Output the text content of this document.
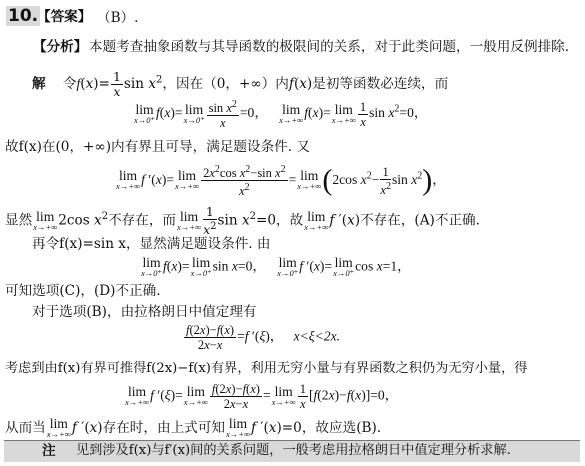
10.
【答案】 （B）.
【分析】 本题考查抽象函数与其导函数的极限间的关系，对于此类问题，一般用反例排除.
解 令$f(x)= \frac{1}{x}$ $\sin x^2$，因在（0，+∞）内f(x)是初等函数必连续，而
lim
x→0⁺ f(x)= lim
$x\to 0^+ \frac{\sin x^2}{x} =0$， lim
x→+∞ f(x)= lim
$x\to+\infty \frac{1}{x}$ $\sin x^2=0$，
故f(x)在(0，+∞)内有界且可导，满足题设条件. 又
lim
x→+∞ f ′(x)= lim
$x\to+\infty \frac{2x^2\cos x^2-\sin x^2}{x^2} = \lim$
x→+∞ (2cos $x^2- \frac{1}{x^2}$ $\sin x^2$)，
显然 lim
x→+∞ 2cos $x^2$不存在，而 lim
$x\to+\infty \frac{1}{x^2}$ $\sin x^2=0$，故 lim
x→+∞ f ′(x)不存在，(A)不正确.
再令f(x)=sin x，显然满足题设条件. 由
lim
x→0⁺ f(x)= lim
x→0⁺ sin x=0， lim
x→0⁺ f ′(x)= lim
x→0⁺ cos x=1，
可知选项(C)，(D)不正确.
对于选项(B)，由拉格朗日中值定理有
$\frac{f(2x)-f(x)}{2x-x} =f$ ′(ξ)，   x<ξ<2x.
考虑到由f(x)有界可推得f(2x)−f(x)有界，利用无穷小量与有界函数之积仍为无穷小量，得
lim
x→+∞ f ′(ξ)= lim
$x\to+\infty \frac{f(2x)-f(x)}{2x-x} = \lim$
$x\to+\infty \frac{1}{x} [f(2x)-f(x)]=0$，
从而当 lim
x→+∞ f ′(x)存在时，由上式可知 lim
x→+∞ f ′(x)=0，故应选(B).
注 见到涉及f(x)与f′(x)间的关系问题，一般考虑用拉格朗日中值定理分析求解.
